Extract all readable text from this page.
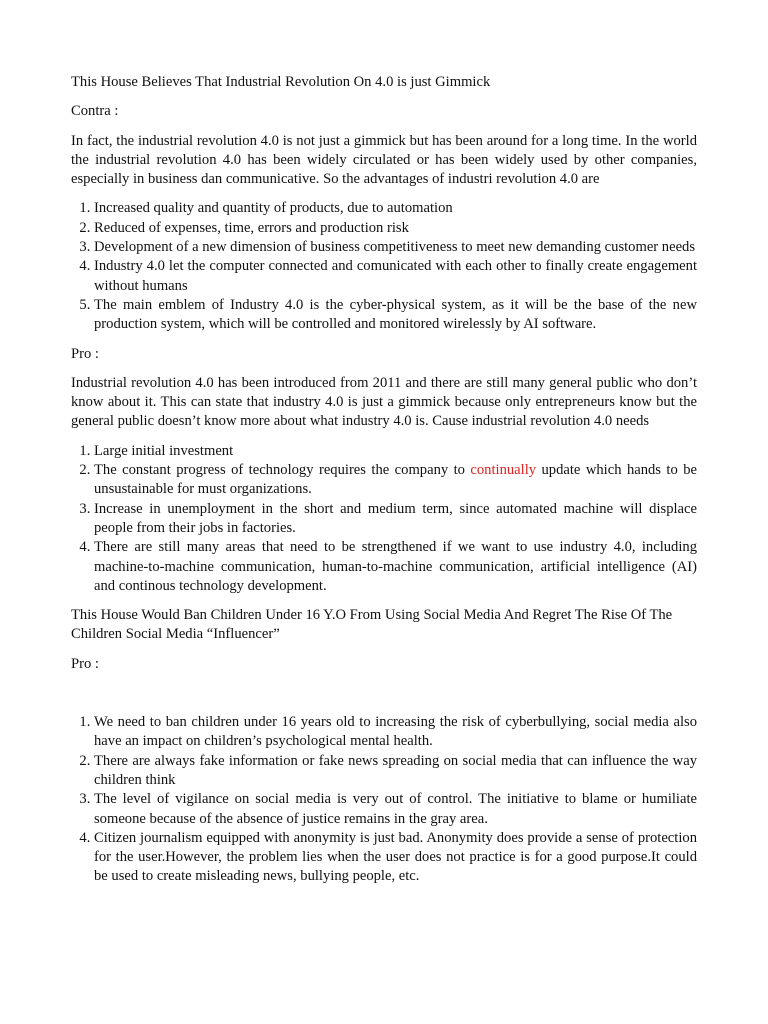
This House Believes That Industrial Revolution On 4.0 is just Gimmick

Contra :

In fact, the industrial revolution 4.0 is not just a gimmick but has been around for a long time. In the world the industrial revolution 4.0 has been widely circulated or has been widely used by other companies, especially in business dan communicative. So the advantages of industri revolution 4.0 are

1. Increased quality and quantity of products, due to automation
2. Reduced of expenses, time, errors and production risk
3. Development of a new dimension of business competitiveness to meet new demanding customer needs
4. Industry 4.0 let the computer connected and comunicated with each other to finally create engagement without humans
5. The main emblem of Industry 4.0 is the cyber-physical system, as it will be the base of the new production system, which will be controlled and monitored wirelessly by AI software.

Pro :

Industrial revolution 4.0 has been introduced from 2011 and there are still many general public who don’t know about it. This can state that industry 4.0 is just a gimmick because only entrepreneurs know but the general public doesn’t know more about what industry 4.0 is. Cause industrial revolution 4.0 needs

1. Large initial investment
2. The constant progress of technology requires the company to continually update which hands to be unsustainable for must organizations.
3. Increase in unemployment in the short and medium term, since automated machine will displace people from their jobs in factories.
4. There are still many areas that need to be strengthened if we want to use industry 4.0, including machine-to-machine communication, human-to-machine communication, artificial intelligence (AI) and continous technology development.

This House Would Ban Children Under 16 Y.O From Using Social Media And Regret The Rise Of The Children Social Media “Influencer”

Pro :

1. We need to ban children under 16 years old to increasing the risk of cyberbullying, social media also have an impact on children’s psychological mental health.
2. There are always fake information or fake news spreading on social media that can influence the way children think
3. The level of vigilance on social media is very out of control. The initiative to blame or humiliate someone because of the absence of justice remains in the gray area.
4. Citizen journalism equipped with anonymity is just bad. Anonymity does provide a sense of protection for the user.However, the problem lies when the user does not practice is for a good purpose.It could be used to create misleading news, bullying people, etc.
